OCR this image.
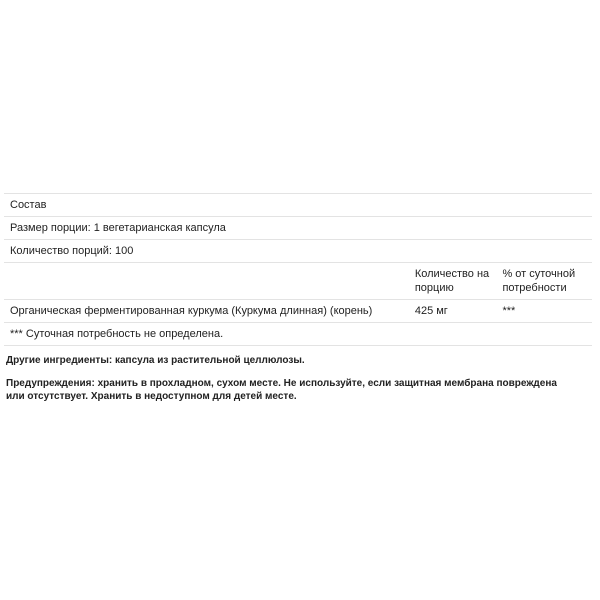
Состав		
Размер порции: 1 вегетарианская капсула		
Количество порций: 100		
	Количество на порцию	% от суточной потребности
Органическая ферментированная куркума (Куркума длинная) (корень)	425 мг	***
*** Суточная потребность не определена.		

Другие ингредиенты: капсула из растительной целлюлозы.

Предупреждения: хранить в прохладном, сухом месте. Не используйте, если защитная мембрана повреждена или отсутствует. Хранить в недоступном для детей месте.
